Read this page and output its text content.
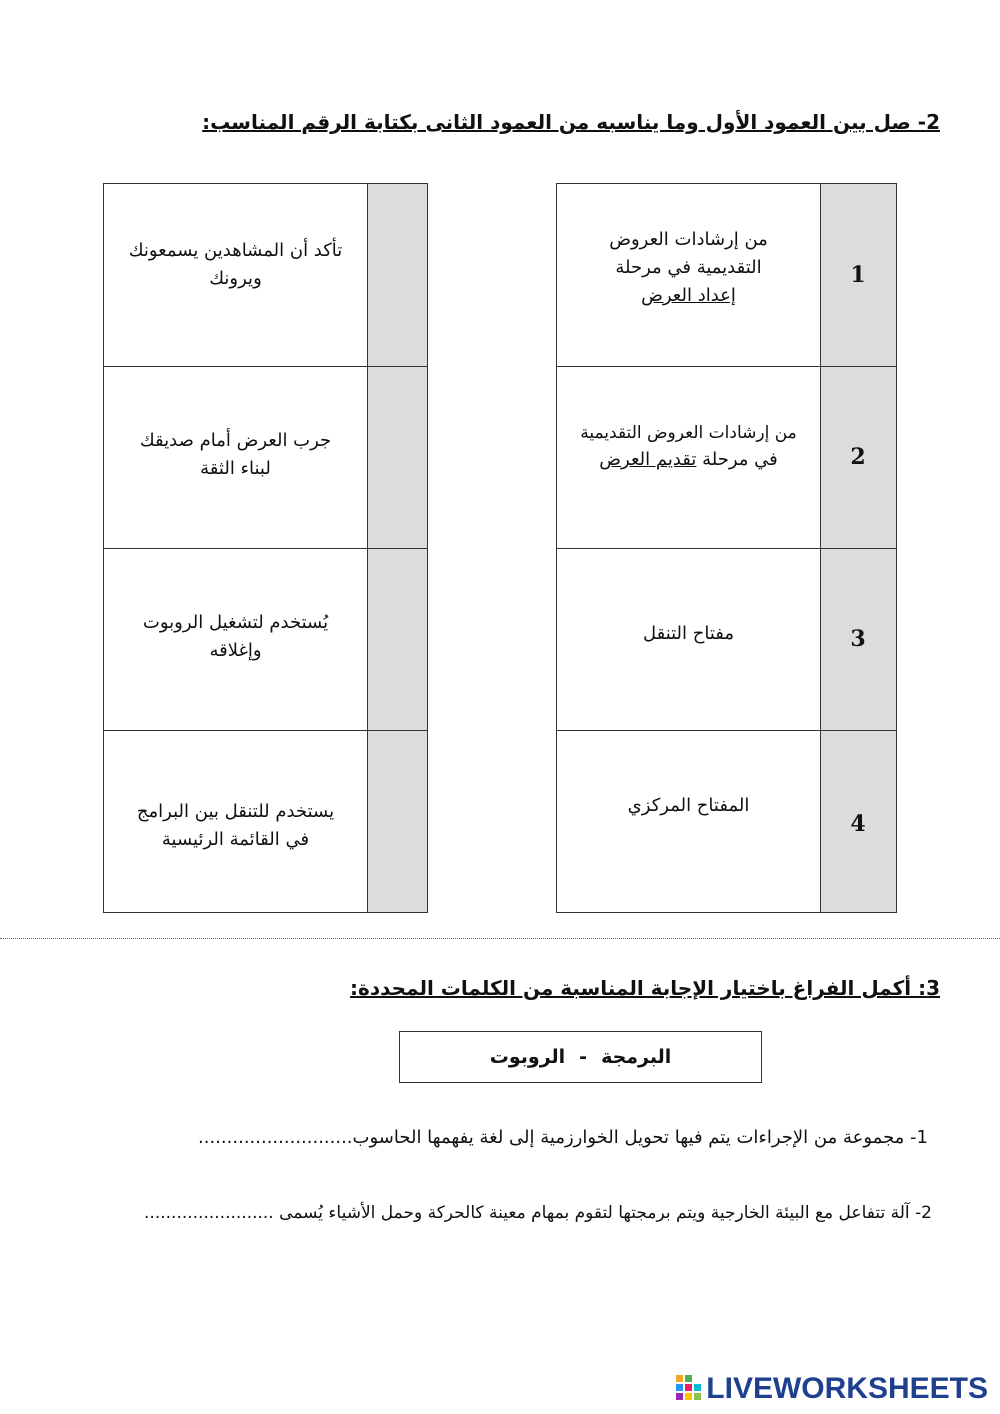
2- صل بين العمود الأول وما يناسبه من العمود الثانى بكتابة الرقم المناسب:
1
من إرشادات العروض
التقديمية في مرحلة
إعداد العرض
2
من إرشادات العروض التقديمية
في مرحلة تقديم العرض
3
مفتاح التنقل
4
المفتاح المركزي
تأكد أن المشاهدين يسمعونك
ويرونك
جرب العرض أمام صديقك
لبناء الثقة
يُستخدم لتشغيل الروبوت
وإغلاقه
يستخدم للتنقل بين البرامج
في القائمة الرئيسية
3: أكمل الفراغ باختيار الإجابة المناسبة من الكلمات المحددة:
البرمجة
-
الروبوت
1- مجموعة من الإجراءات يتم فيها تحويل الخوارزمية إلى لغة يفهمها الحاسوب...........................
2- آلة تتفاعل مع البيئة الخارجية ويتم برمجتها لتقوم بمهام معينة كالحركة وحمل الأشياء يُسمى ........................
LIVEWORKSHEETS
